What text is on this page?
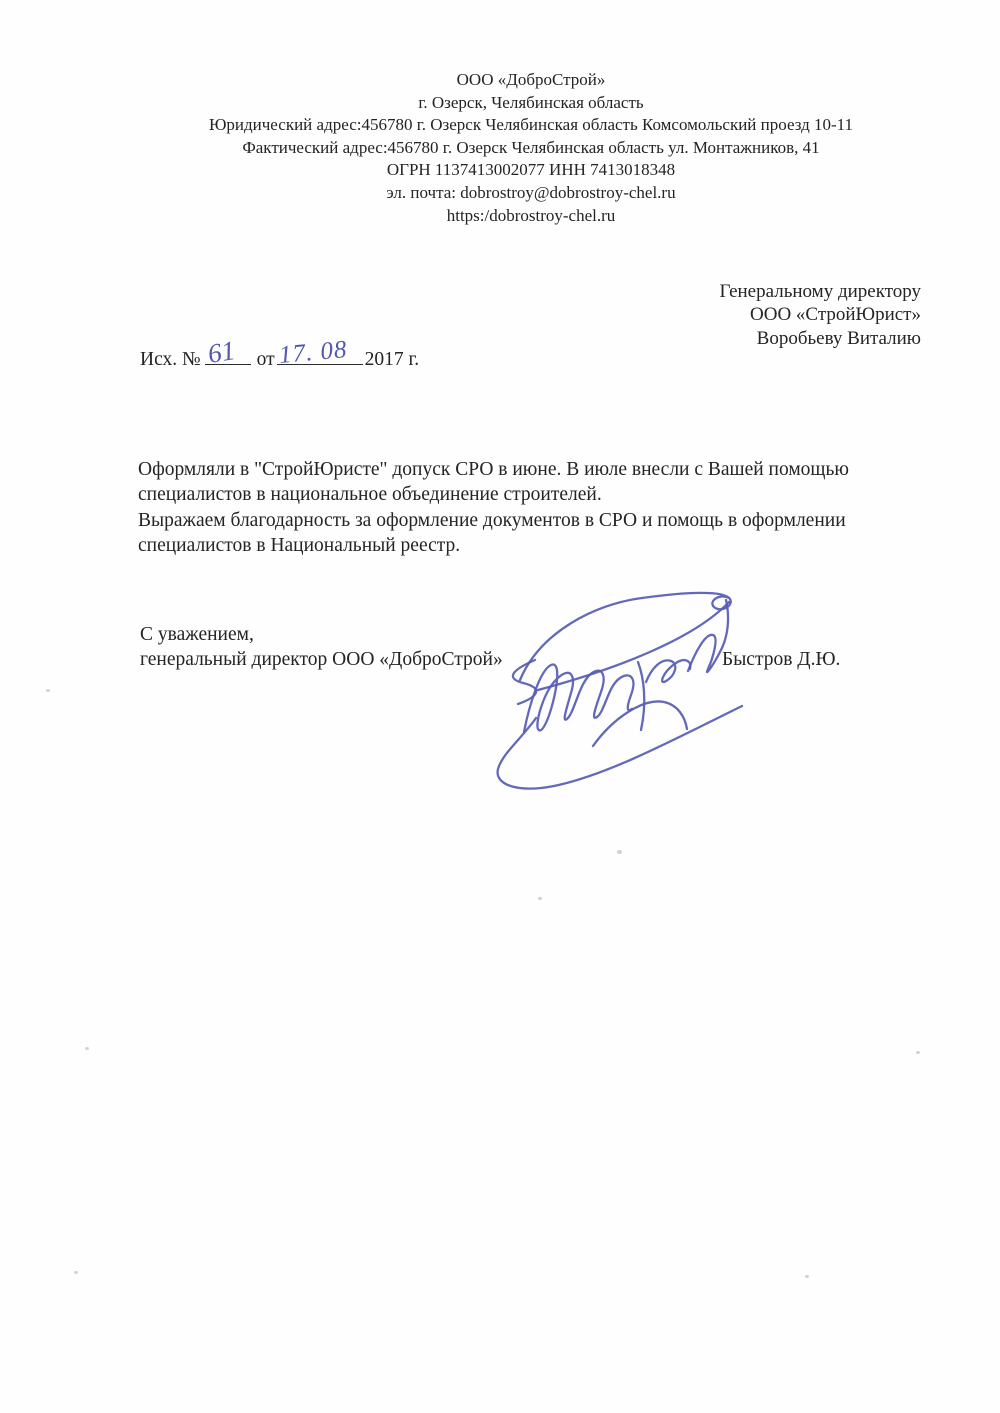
ООО «ДоброСтрой»
г. Озерск, Челябинская область
Юридический адрес:456780 г. Озерск Челябинская область Комсомольский проезд 10-11
Фактический адрес:456780 г. Озерск Челябинская область ул. Монтажников, 41
ОГРН 1137413002077 ИНН 7413018348
эл. почта: dobrostroy@dobrostroy-chel.ru
https:/dobrostroy-chel.ru
Генеральному директору
ООО «СтройЮрист»
Воробьеву Виталию
Исх. № 61 от 17. 08 2017 г.
Оформляли в "СтройЮристе" допуск СРО в июне. В июле внесли с Вашей помощью
специалистов в национальное объединение строителей.
Выражаем благодарность за оформление документов в СРО и помощь в оформлении
специалистов в Национальный реестр.
С уважением,
генеральный директор ООО «ДоброСтрой»	Быстров Д.Ю.
